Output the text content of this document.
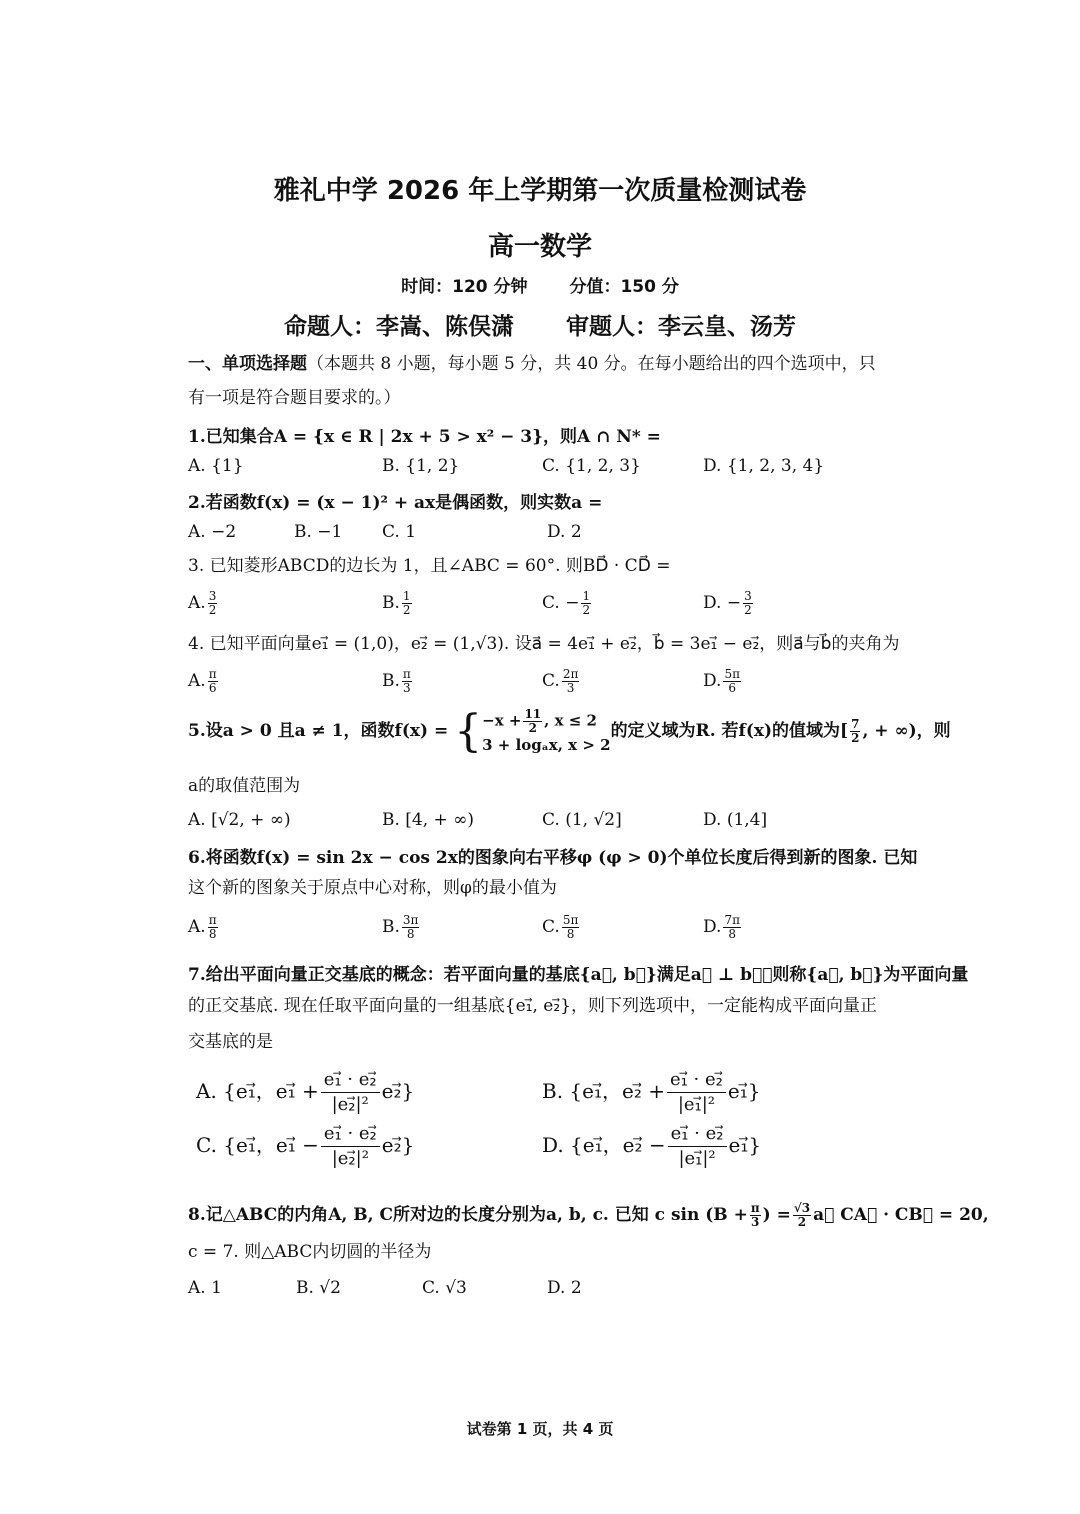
雅礼中学 2026 年上学期第一次质量检测试卷
高一数学
时间：120 分钟 分值：150 分
命题人：李嵩、陈俣潇 审题人：李云皇、汤芳
一、单项选择题（本题共 8 小题，每小题 5 分，共 40 分。在每小题给出的四个选项中，只
有一项是符合题目要求的。）
1.已知集合A = {x ∈ R | 2x + 5 > x² − 3}，则A ∩ N* =
A. {1}	B. {1, 2}	C. {1, 2, 3}	D. {1, 2, 3, 4}
2.若函数f(x) = (x − 1)² + ax是偶函数，则实数a =
A. −2	B. −1 C. 1	D. 2
3. 已知菱形ABCD的边长为 1，且∠ABC = 60°. 则BD⃗ · CD⃗ =
A. $\frac{3}{2}$	B. $\frac{1}{2}$	C. − $\frac{1}{2}$	D. − $\frac{3}{2}$
4. 已知平面向量e₁⃗ = (1,0)，e₂⃗ = (1,√3). 设a⃗ = 4e₁⃗ + e₂⃗，b⃗ = 3e₁⃗ − e₂⃗，则a⃗与b⃗的夹角为
A. $\frac{\pi}{6}$	B. $\frac{\pi}{3}$	C. $\frac{2\pi}{3}$	D. $\frac{5\pi}{6}$
5.设a > 0 且a ≠ 1，函数f(x) = { $-x + \frac{11}{2}$ , x ≤ 2
3 + logₐx, x > 2
的定义域为R. 若f(x)的值域为[ $\frac{7}{2}$ , + ∞)，则
a的取值范围为
A. [√2, + ∞)	B. [4, + ∞)	C. (1, √2]	D. (1,4]
6.将函数f(x) = sin 2x − cos 2x的图象向右平移φ (φ > 0)个单位长度后得到新的图象. 已知
这个新的图象关于原点中心对称，则φ的最小值为
A. $\frac{\pi}{8}$	B. $\frac{3\pi}{8}$	C. $\frac{5\pi}{8}$	D. $\frac{7\pi}{8}$
7.给出平面向量正交基底的概念：若平面向量的基底{a⃗, b⃗}满足a⃗ ⊥ b⃗，则称{a⃗, b⃗}为平面向量
的正交基底. 现在任取平面向量的一组基底{e₁⃗, e₂⃗}，则下列选项中，一定能构成平面向量正
交基底的是
A. {e₁⃗，e₁⃗ + $\frac{\text{e₁⃗ · e₂⃗}}{\text{|e₂⃗|²}}$ e₂⃗}	B. {e₁⃗，e₂⃗ + $\frac{\text{e₁⃗ · e₂⃗}}{\text{|e₁⃗|²}}$ e₁⃗}
C. {e₁⃗，e₁⃗ − $\frac{\text{e₁⃗ · e₂⃗}}{\text{|e₂⃗|²}}$ e₂⃗}	D. {e₁⃗，e₂⃗ − $\frac{\text{e₁⃗ · e₂⃗}}{\text{|e₁⃗|²}}$ e₁⃗}
8.记△ABC的内角A, B, C所对边的长度分别为a, b, c. 已知 c $\sin (B + \frac{\pi}{3}$ ) = $\frac{√3}{2}$ a， CA⃗ · CB⃗ = 20,
c = 7. 则△ABC内切圆的半径为
A. 1	B. √2	C. √3	D. 2
试卷第 1 页，共 4 页
